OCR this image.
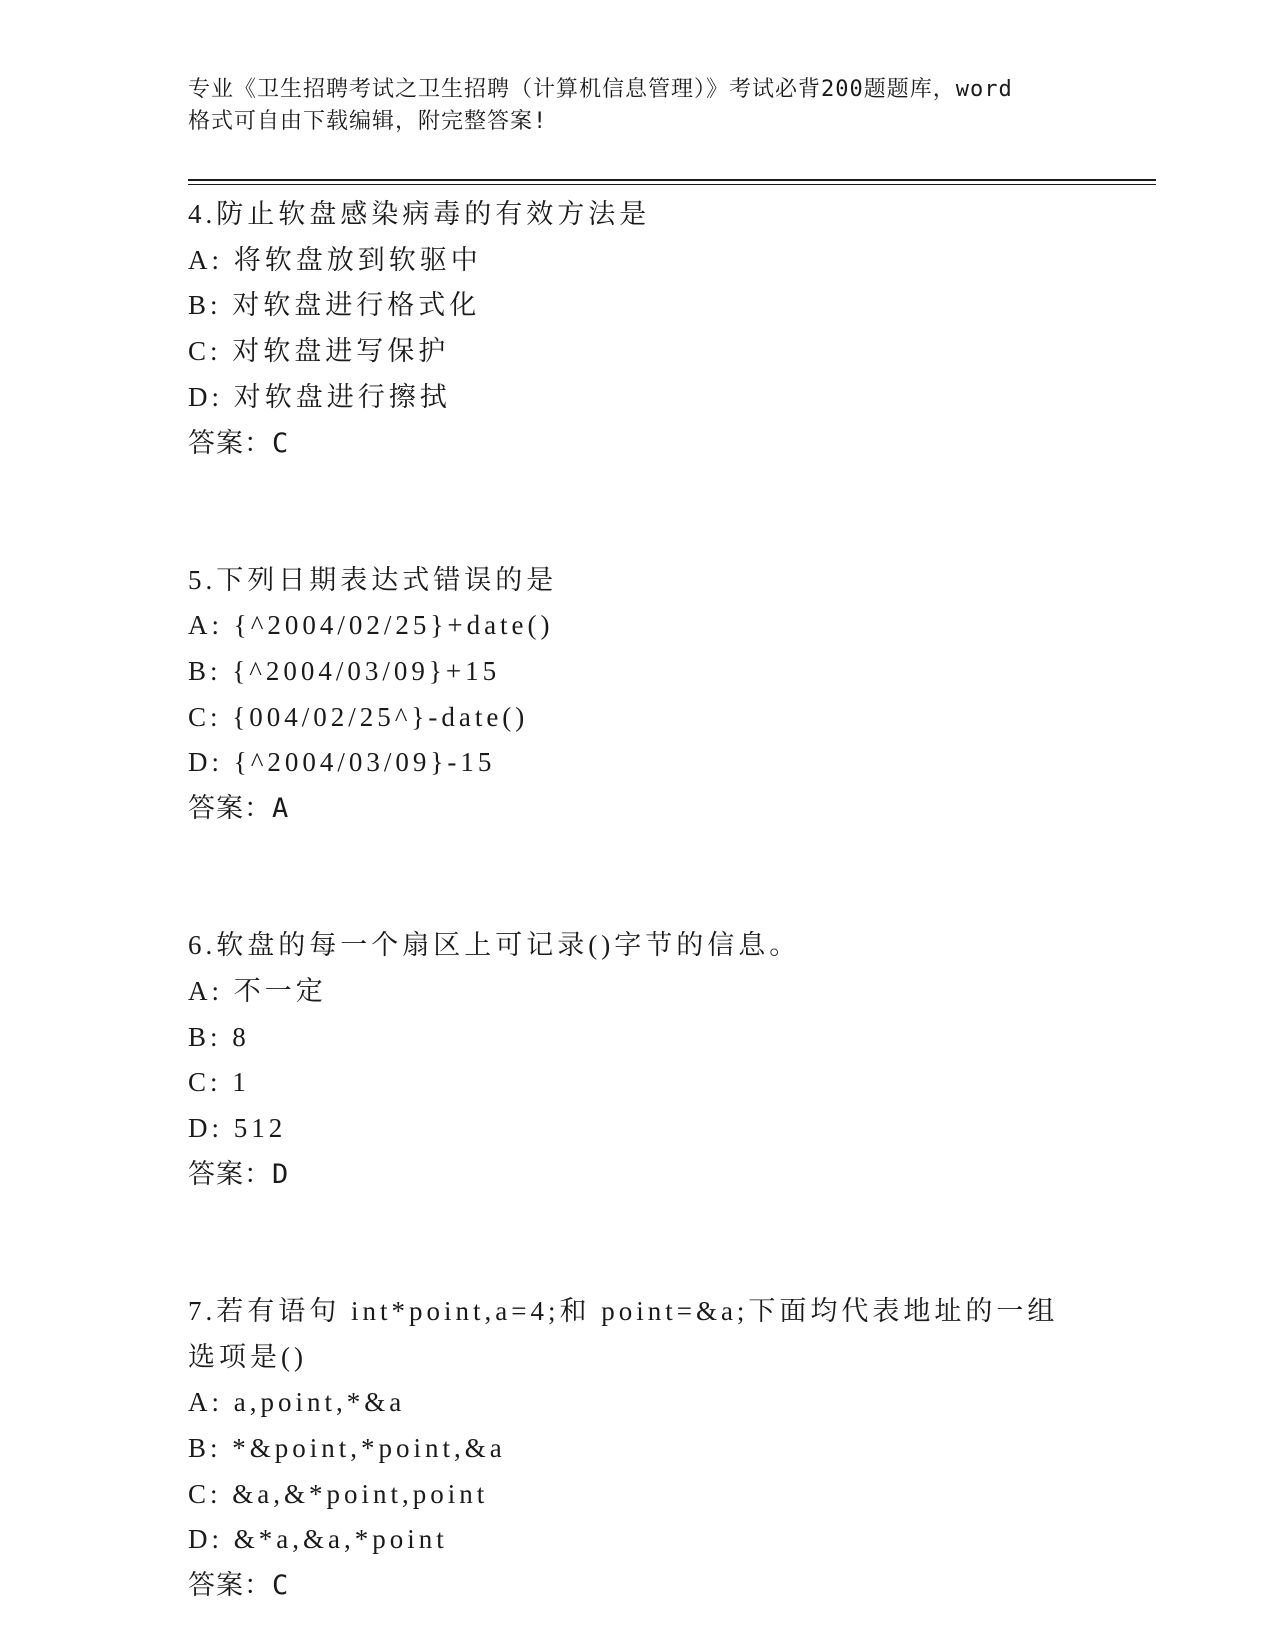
专业《卫生招聘考试之卫生招聘（计算机信息管理）》考试必背200题题库，word
格式可自由下载编辑，附完整答案!
4.防止软盘感染病毒的有效方法是
A: 将软盘放到软驱中
B: 对软盘进行格式化
C: 对软盘进写保护
D: 对软盘进行擦拭
答案：C
5.下列日期表达式错误的是
A: {^2004/02/25}+date()
B: {^2004/03/09}+15
C: {004/02/25^}-date()
D: {^2004/03/09}-15
答案：A
6.软盘的每一个扇区上可记录()字节的信息。
A: 不一定
B: 8
C: 1
D: 512
答案：D
7.若有语句 int*point,a=4;和 point=&a;下面均代表地址的一组选项是()
A: a,point,*&a
B: *&point,*point,&a
C: &a,&*point,point
D: &*a,&a,*point
答案：C
